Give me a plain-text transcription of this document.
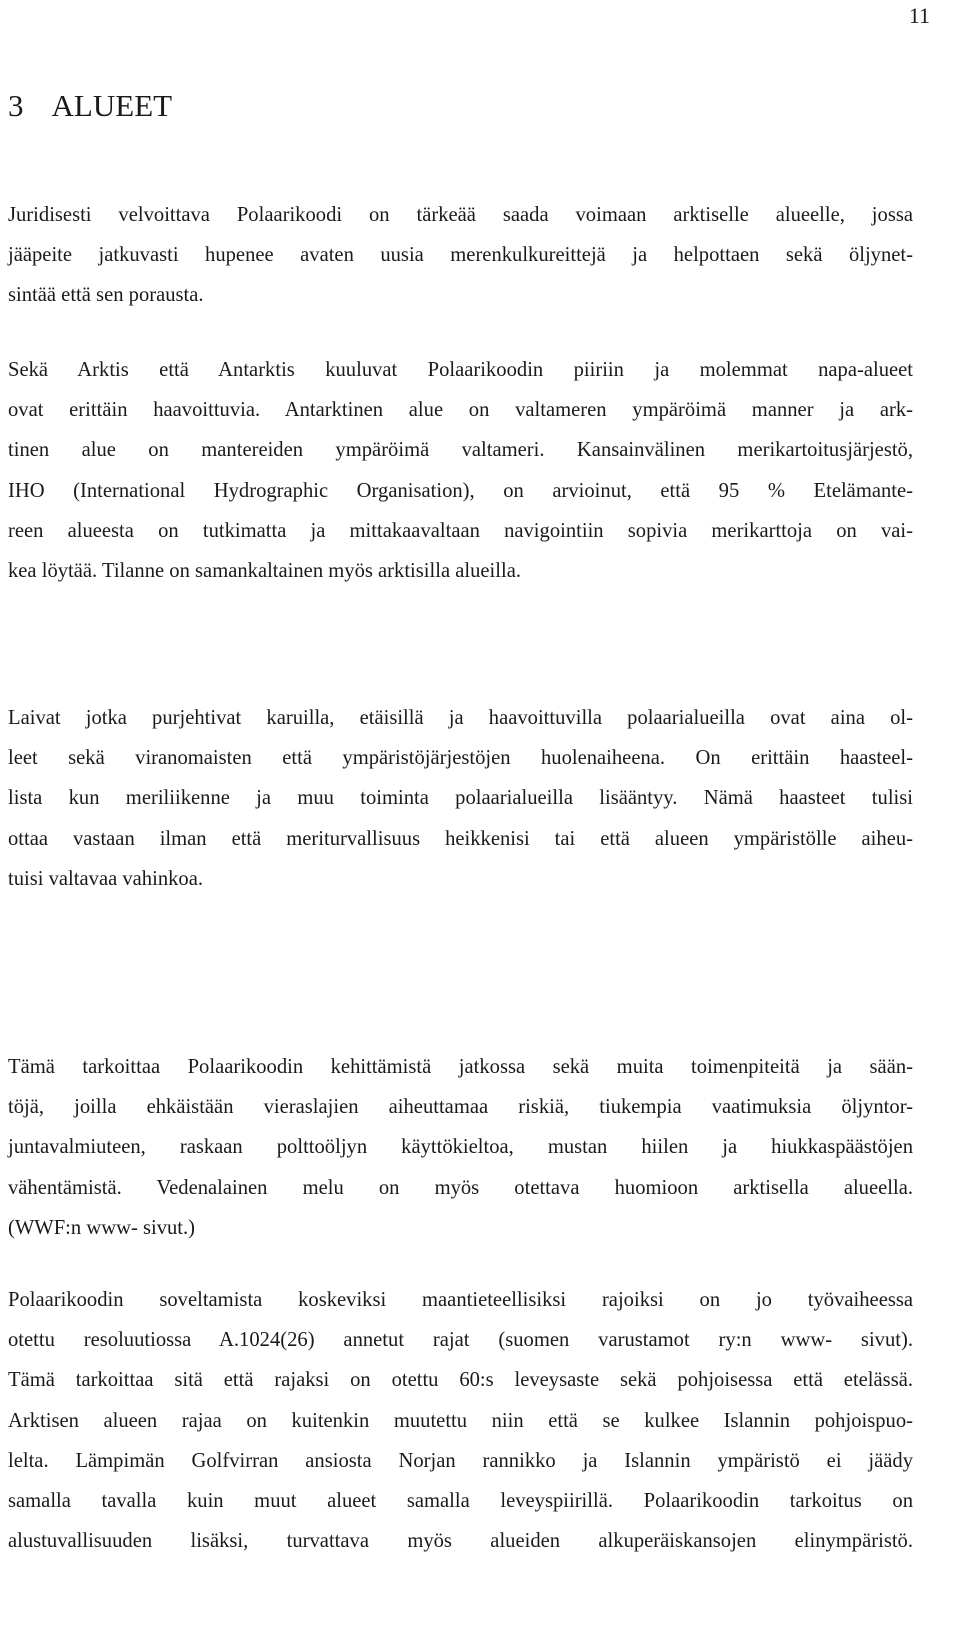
11
3 ALUEET

Juridisesti velvoittava Polaarikoodi on tärkeää saada voimaan arktiselle alueelle, jossa
jääpeite jatkuvasti hupenee avaten uusia merenkulkureittejä ja helpottaen sekä öljynet-
sintää että sen porausta.

Sekä Arktis että Antarktis kuuluvat Polaarikoodin piiriin ja molemmat napa-alueet
ovat erittäin haavoittuvia. Antarktinen alue on valtameren ympäröimä manner ja ark-
tinen alue on mantereiden ympäröimä valtameri. Kansainvälinen merikartoitusjärjestö,
IHO (International Hydrographic Organisation), on arvioinut, että 95 % Etelämante-
reen alueesta on tutkimatta ja mittakaavaltaan navigointiin sopivia merikarttoja on vai-
kea löytää. Tilanne on samankaltainen myös arktisilla alueilla.

Laivat jotka purjehtivat karuilla, etäisillä ja haavoittuvilla polaarialueilla ovat aina ol-
leet sekä viranomaisten että ympäristöjärjestöjen huolenaiheena. On erittäin haasteel-
lista kun meriliikenne ja muu toiminta polaarialueilla lisääntyy. Nämä haasteet tulisi
ottaa vastaan ilman että meriturvallisuus heikkenisi tai että alueen ympäristölle aiheu-
tuisi valtavaa vahinkoa.

Tämä tarkoittaa Polaarikoodin kehittämistä jatkossa sekä muita toimenpiteitä ja sään-
töjä, joilla ehkäistään vieraslajien aiheuttamaa riskiä, tiukempia vaatimuksia öljyntor-
juntavalmiuteen, raskaan polttoöljyn käyttökieltoa, mustan hiilen ja hiukkaspäästöjen
vähentämistä. Vedenalainen melu on myös otettava huomioon arktisella alueella.
(WWF:n www- sivut.)

Polaarikoodin soveltamista koskeviksi maantieteellisiksi rajoiksi on jo työvaiheessa
otettu resoluutiossa A.1024(26) annetut rajat (suomen varustamot ry:n www- sivut).
Tämä tarkoittaa sitä että rajaksi on otettu 60:s leveysaste sekä pohjoisessa että etelässä.
Arktisen alueen rajaa on kuitenkin muutettu niin että se kulkee Islannin pohjoispuo-
lelta. Lämpimän Golfvirran ansiosta Norjan rannikko ja Islannin ympäristö ei jäädy
samalla tavalla kuin muut alueet samalla leveyspiirillä. Polaarikoodin tarkoitus on
alustuvallisuuden lisäksi, turvattava myös alueiden alkuperäiskansojen elinympäristö.
